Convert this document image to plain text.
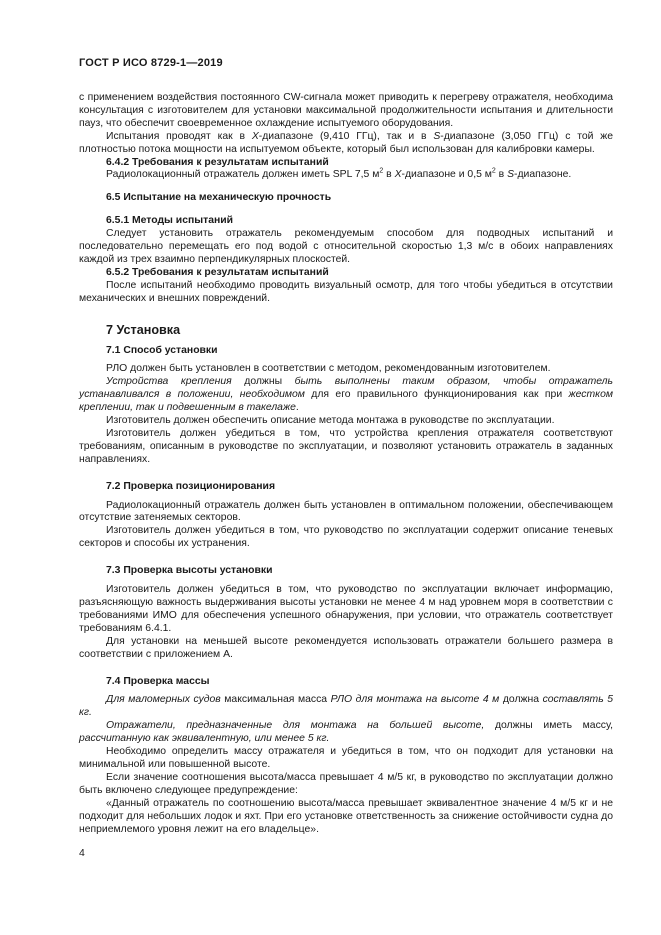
ГОСТ Р ИСО 8729-1—2019

с применением воздействия постоянного CW-сигнала может приводить к перегреву отражателя, необходима консультация с изготовителем для установки максимальной продолжительности испытания и длительности пауз, что обеспечит своевременное охлаждение испытуемого оборудования.

Испытания проводят как в X-диапазоне (9,410 ГГц), так и в S-диапазоне (3,050 ГГц) с той же плотностью потока мощности на испытуемом объекте, который был использован для калибровки камеры.

6.4.2 Требования к результатам испытаний

Радиолокационный отражатель должен иметь SPL 7,5 $м^2$ в X-диапазоне и 0,5 $м^2$ в S-диапазоне.

6.5 Испытание на механическую прочность

6.5.1 Методы испытаний

Следует установить отражатель рекомендуемым способом для подводных испытаний и последовательно перемещать его под водой с относительной скоростью 1,3 м/с в обоих направлениях каждой из трех взаимно перпендикулярных плоскостей.

6.5.2 Требования к результатам испытаний

После испытаний необходимо проводить визуальный осмотр, для того чтобы убедиться в отсутствии механических и внешних повреждений.

7 Установка

7.1 Способ установки

РЛО должен быть установлен в соответствии с методом, рекомендованным изготовителем.

Устройства крепления должны быть выполнены таким образом, чтобы отражатель устанавливался в положении, необходимом для его правильного функционирования как при жестком креплении, так и подвешенным в такелаже.

Изготовитель должен обеспечить описание метода монтажа в руководстве по эксплуатации.

Изготовитель должен убедиться в том, что устройства крепления отражателя соответствуют требованиям, описанным в руководстве по эксплуатации, и позволяют установить отражатель в заданных направлениях.

7.2 Проверка позиционирования

Радиолокационный отражатель должен быть установлен в оптимальном положении, обеспечивающем отсутствие затеняемых секторов.

Изготовитель должен убедиться в том, что руководство по эксплуатации содержит описание теневых секторов и способы их устранения.

7.3 Проверка высоты установки

Изготовитель должен убедиться в том, что руководство по эксплуатации включает информацию, разъясняющую важность выдерживания высоты установки не менее 4 м над уровнем моря в соответствии с требованиями ИМО для обеспечения успешного обнаружения, при условии, что отражатель соответствует требованиям 6.4.1.

Для установки на меньшей высоте рекомендуется использовать отражатели большего размера в соответствии с приложением А.

7.4 Проверка массы

Для маломерных судов максимальная масса РЛО для монтажа на высоте 4 м должна составлять 5 кг.

Отражатели, предназначенные для монтажа на большей высоте, должны иметь массу, рассчитанную как эквивалентную, или менее 5 кг.

Необходимо определить массу отражателя и убедиться в том, что он подходит для установки на минимальной или повышенной высоте.

Если значение соотношения высота/масса превышает 4 м/5 кг, в руководство по эксплуатации должно быть включено следующее предупреждение:

«Данный отражатель по соотношению высота/масса превышает эквивалентное значение 4 м/5 кг и не подходит для небольших лодок и яхт. При его установке ответственность за снижение остойчивости судна до неприемлемого уровня лежит на его владельце».

4
